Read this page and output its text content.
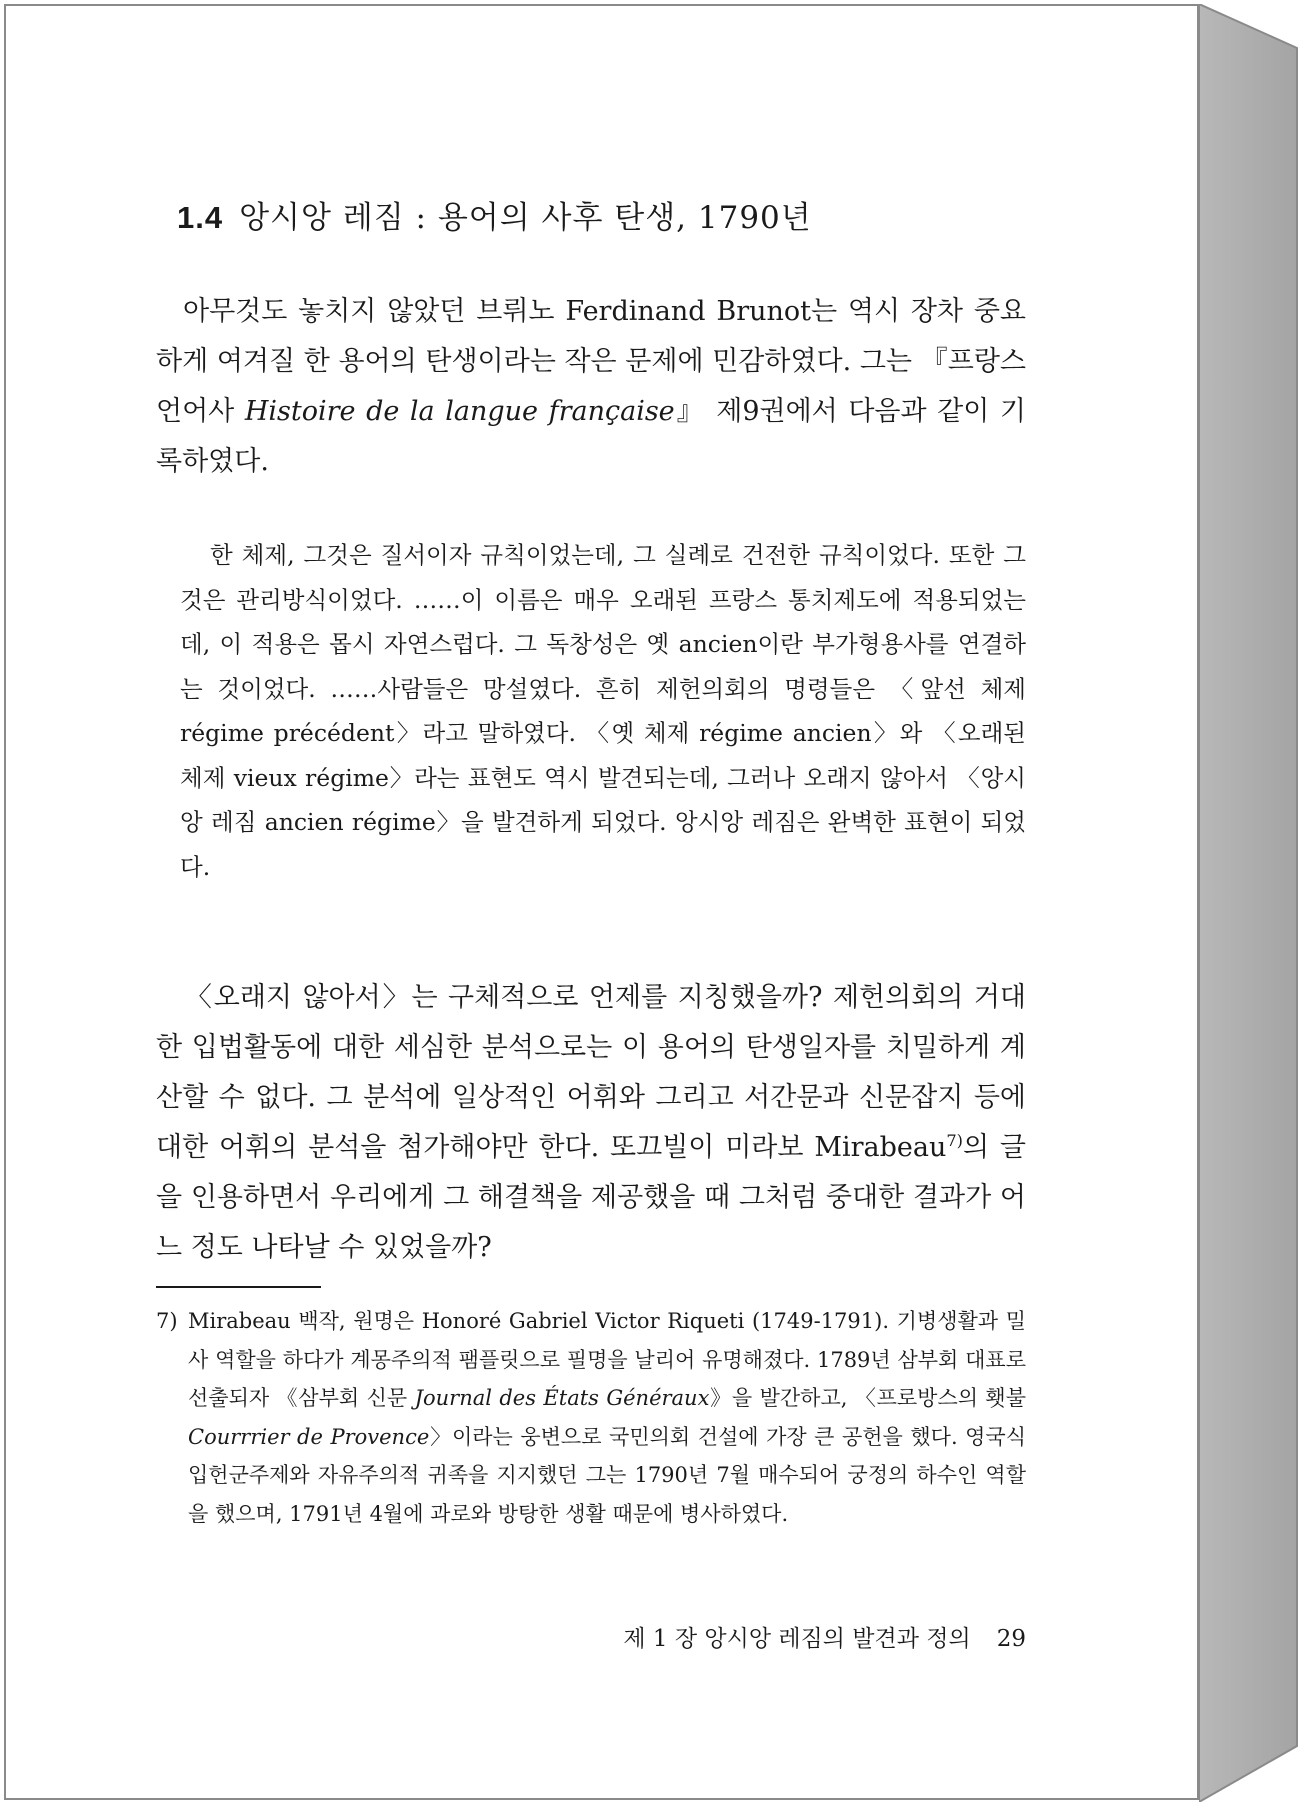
1.4 앙시앙 레짐 : 용어의 사후 탄생, 1790년

아무것도 놓치지 않았던 브뤼노 Ferdinand Brunot는 역시 장차 중요하게 여겨질 한 용어의 탄생이라는 작은 문제에 민감하였다. 그는 『프랑스 언어사 Histoire de la langue française』 제9권에서 다음과 같이 기록하였다.

한 체제, 그것은 질서이자 규칙이었는데, 그 실례로 건전한 규칙이었다. 또한 그것은 관리방식이었다. ……이 이름은 매우 오래된 프랑스 통치제도에 적용되었는데, 이 적용은 몹시 자연스럽다. 그 독창성은 옛 ancien이란 부가형용사를 연결하는 것이었다. ……사람들은 망설였다. 흔히 제헌의회의 명령들은 〈앞선 체제 régime précédent〉라고 말하였다. 〈옛 체제 régime ancien〉와 〈오래된 체제 vieux régime〉라는 표현도 역시 발견되는데, 그러나 오래지 않아서 〈앙시앙 레짐 ancien régime〉을 발견하게 되었다. 앙시앙 레짐은 완벽한 표현이 되었다.

〈오래지 않아서〉는 구체적으로 언제를 지칭했을까? 제헌의회의 거대한 입법활동에 대한 세심한 분석으로는 이 용어의 탄생일자를 치밀하게 계산할 수 없다. 그 분석에 일상적인 어휘와 그리고 서간문과 신문잡지 등에 대한 어휘의 분석을 첨가해야만 한다. 또끄빌이 미라보 Mirabeau$^{7)}$의 글을 인용하면서 우리에게 그 해결책을 제공했을 때 그처럼 중대한 결과가 어느 정도 나타날 수 있었을까?

7) Mirabeau 백작, 원명은 Honoré Gabriel Victor Riqueti (1749-1791). 기병생활과 밀사 역할을 하다가 계몽주의적 팸플릿으로 필명을 날리어 유명해졌다. 1789년 삼부회 대표로 선출되자 《삼부회 신문 Journal des États Généraux》을 발간하고, 〈프로방스의 횃불 Courrrier de Provence〉이라는 웅변으로 국민의회 건설에 가장 큰 공헌을 했다. 영국식 입헌군주제와 자유주의적 귀족을 지지했던 그는 1790년 7월 매수되어 궁정의 하수인 역할을 했으며, 1791년 4월에 과로와 방탕한 생활 때문에 병사하였다.
제 1 장 앙시앙 레짐의 발견과 정의 29
